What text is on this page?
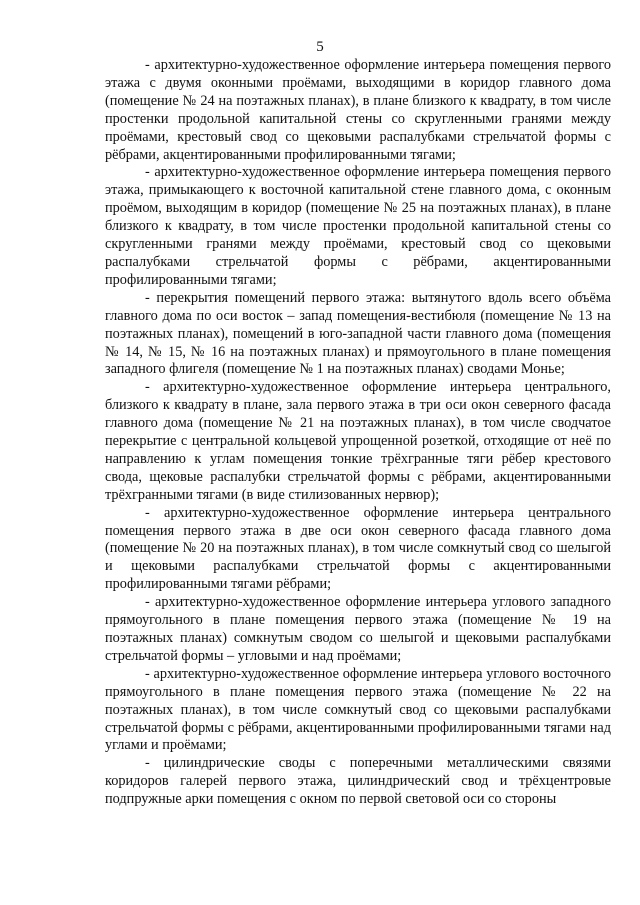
5

- архитектурно-художественное оформление интерьера помещения первого этажа с двумя оконными проёмами, выходящими в коридор главного дома (помещение № 24 на поэтажных планах), в плане близкого к квадрату, в том числе простенки продольной капитальной стены со скругленными гранями между проёмами, крестовый свод со щековыми распалубками стрельчатой формы с рёбрами, акцентированными профилированными тягами;

- архитектурно-художественное оформление интерьера помещения первого этажа, примыкающего к восточной капитальной стене главного дома, с оконным проёмом, выходящим в коридор (помещение № 25 на поэтажных планах), в плане близкого к квадрату, в том числе простенки продольной капитальной стены со скругленными гранями между проёмами, крестовый свод со щековыми распалубками стрельчатой формы с рёбрами, акцентированными профилированными тягами;

- перекрытия помещений первого этажа: вытянутого вдоль всего объёма главного дома по оси восток – запад помещения-вестибюля (помещение № 13 на поэтажных планах), помещений в юго-западной части главного дома (помещения № 14, № 15, № 16 на поэтажных планах) и прямоугольного в плане помещения западного флигеля (помещение № 1 на поэтажных планах) сводами Монье;

- архитектурно-художественное оформление интерьера центрального, близкого к квадрату в плане, зала первого этажа в три оси окон северного фасада главного дома (помещение № 21 на поэтажных планах), в том числе сводчатое перекрытие с центральной кольцевой упрощенной розеткой, отходящие от неё по направлению к углам помещения тонкие трёхгранные тяги рёбер крестового свода, щековые распалубки стрельчатой формы с рёбрами, акцентированными трёхгранными тягами (в виде стилизованных нервюр);

- архитектурно-художественное оформление интерьера центрального помещения первого этажа в две оси окон северного фасада главного дома (помещение № 20 на поэтажных планах), в том числе сомкнутый свод со шелыгой и щековыми распалубками стрельчатой формы с акцентированными профилированными тягами рёбрами;

- архитектурно-художественное оформление интерьера углового западного прямоугольного в плане помещения первого этажа (помещение № 19 на поэтажных планах) сомкнутым сводом со шелыгой и щековыми распалубками стрельчатой формы – угловыми и над проёмами;

- архитектурно-художественное оформление интерьера углового восточного прямоугольного в плане помещения первого этажа (помещение № 22 на поэтажных планах), в том числе сомкнутый свод со щековыми распалубками стрельчатой формы с рёбрами, акцентированными профилированными тягами над углами и проёмами;

- цилиндрические своды с поперечными металлическими связями коридоров галерей первого этажа, цилиндрический свод и трёхцентровые подпружные арки помещения с окном по первой световой оси со стороны
